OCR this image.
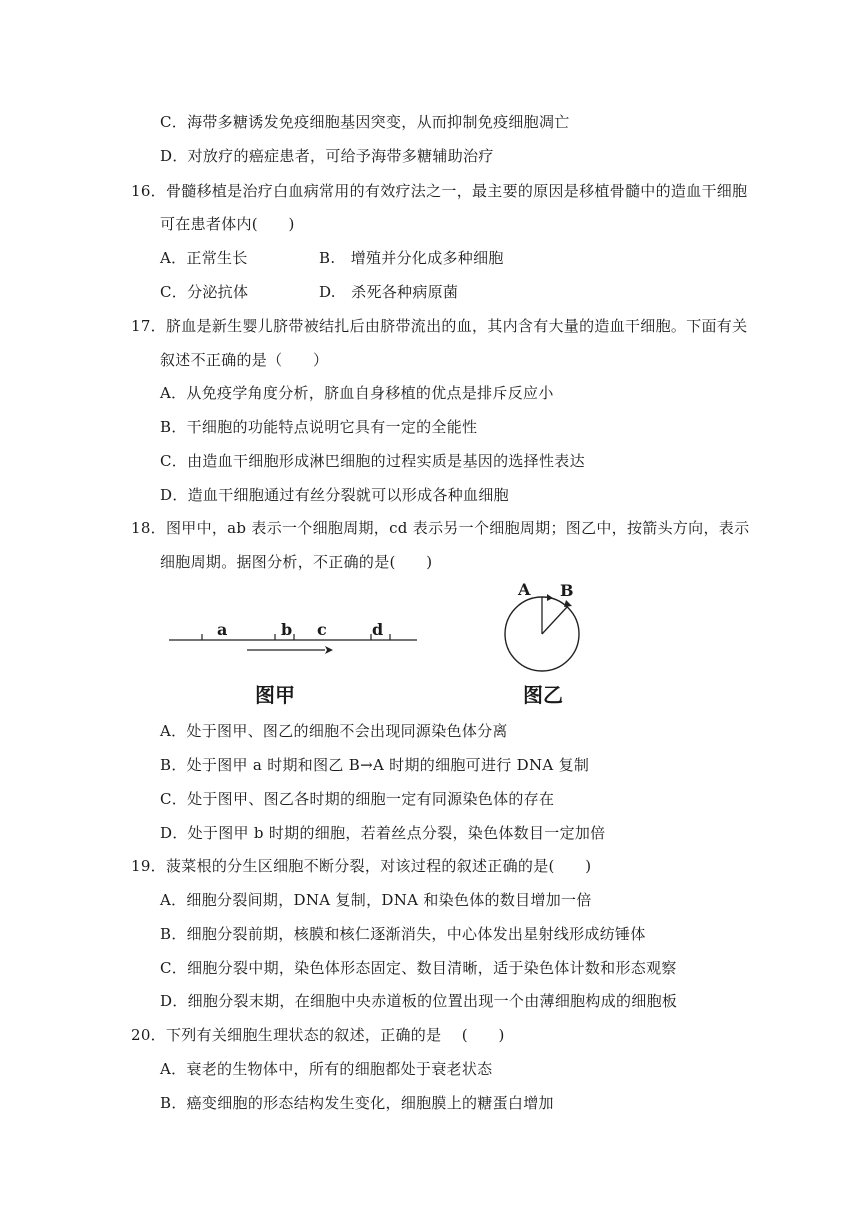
C．海带多糖诱发免疫细胞基因突变，从而抑制免疫细胞凋亡
D．对放疗的癌症患者，可给予海带多糖辅助治疗
16．骨髓移植是治疗白血病常用的有效疗法之一，最主要的原因是移植骨髓中的造血干细胞
可在患者体内(　　)
A．正常生长	B.　增殖并分化成多种细胞
C．分泌抗体	D.　杀死各种病原菌
17．脐血是新生婴儿脐带被结扎后由脐带流出的血，其内含有大量的造血干细胞。下面有关
叙述不正确的是（　　）
A．从免疫学角度分析，脐血自身移植的优点是排斥反应小
B．干细胞的功能特点说明它具有一定的全能性
C．由造血干细胞形成淋巴细胞的过程实质是基因的选择性表达
D．造血干细胞通过有丝分裂就可以形成各种血细胞
18．图甲中，ab 表示一个细胞周期，cd 表示另一个细胞周期；图乙中，按箭头方向，表示
细胞周期。据图分析，不正确的是(　　)
a	b c	d
图甲
A B
图乙
A．处于图甲、图乙的细胞不会出现同源染色体分离
B．处于图甲 a 时期和图乙 B→A 时期的细胞可进行 DNA 复制
C．处于图甲、图乙各时期的细胞一定有同源染色体的存在
D．处于图甲 b 时期的细胞，若着丝点分裂，染色体数目一定加倍
19．菠菜根的分生区细胞不断分裂，对该过程的叙述正确的是(　　)
A．细胞分裂间期，DNA 复制，DNA 和染色体的数目增加一倍
B．细胞分裂前期，核膜和核仁逐渐消失，中心体发出星射线形成纺锤体
C．细胞分裂中期，染色体形态固定、数目清晰，适于染色体计数和形态观察
D．细胞分裂末期，在细胞中央赤道板的位置出现一个由薄细胞构成的细胞板
20．下列有关细胞生理状态的叙述，正确的是　 (　　)
A．衰老的生物体中，所有的细胞都处于衰老状态
B．癌变细胞的形态结构发生变化，细胞膜上的糖蛋白增加
